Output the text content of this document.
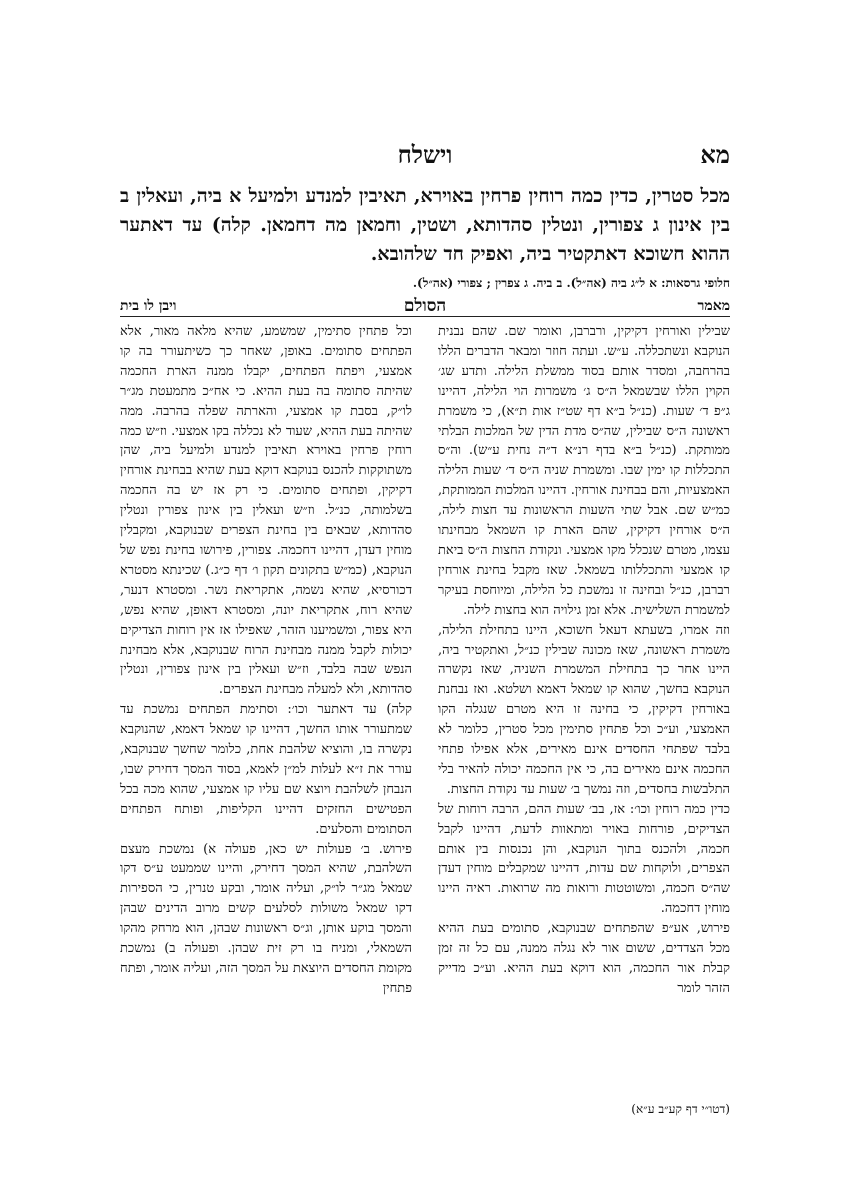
מא
וישלח
מכל סטרין, כדין כמה רוחין פרחין באוירא, תאיבין למנדע ולמיעל א ביה, ועאלין ב בין אינון ג צפורין, ונטלין סהדותא, ושטין, וחמאן מה דחמאן. קלה) עד דאתער ההוא חשוכא דאתקטיר ביה, ואפיק חד שלהובא.
חלופי גרסאות: א ל״ג ביה (אה״ל). ב ביה. ג צפרין ; צפורי (אה״ל).
מאמר
הסולם
ויבן לו בית

שבילין ואורחין דקיקין, ורברבן, ואומר שם. שהם נבנית הנוקבא ונשתכללה. ע״ש. ועתה חוזר ומבאר הדברים הללו בהרחבה, ומסדר אותם בסוד ממשלת הלילה. ותדע שג׳ הקוין הללו שבשמאל ה״ס ג׳ משמרות הוי הלילה, דהיינו ג״פ ד׳ שעות. (כנ״ל ב״א דף שט״ז אות ת״א), כי משמרת ראשונה ה״ס שבילין, שה״ס מדת הדין של המלכות הבלתי ממותקת. (כנ״ל ב״א בדף רנ״א ד״ה נחית ע״ש). וה״ס התכללות קו ימין שבו. ומשמרת שניה ה״ס ד׳ שעות הלילה האמצעיות, והם בבחינת אורחין. דהיינו המלכות הממותקת, כמ״ש שם. אבל שתי השעות הראשונות עד חצות לילה, ה״ס אורחין דקיקין, שהם הארת קו השמאל מבחינתו עצמו, מטרם שנכלל מקו אמצעי. ונקודת החצות ה״ס ביאת קו אמצעי והתכללותו בשמאל. שאז מקבל בחינת אורחין רברבן, כנ״ל ובחינה זו נמשכת כל הלילה, ומיוחסת בעיקר למשמרת השלישית. אלא זמן גילויה הוא בחצות לילה.

וזה אמרו, בשעתא דעאל חשוכא, היינו בתחילת הלילה, משמרת ראשונה, שאז מכונה שבילין כנ״ל, ואתקטיר ביה, היינו אחר כך בתחילת המשמרת השניה, שאז נקשרה הנוקבא בחשך, שהוא קו שמאל דאמא ושלטא. ואז נבחנת באורחין דקיקין, כי בחינה זו היא מטרם שנגלה הקו האמצעי, וע״כ וכל פתחין סתימין מכל סטרין, כלומר לא בלבד שפתחי החסדים אינם מאירים, אלא אפילו פתחי החכמה אינם מאירים בה, כי אין החכמה יכולה להאיר בלי התלבשות בחסדים, וזה נמשך ב׳ שעות עד נקודת החצות.

כדין כמה רוחין וכו׳: אז, בב׳ שעות ההם, הרבה רוחות של הצדיקים, פורחות באויר ומתאוות לדעת, דהיינו לקבל חכמה, ולהכנס בתוך הנוקבא, והן נכנסות בין אותם הצפרים, ולוקחות שם עדות, דהיינו שמקבלים מוחין דעדן שה״ס חכמה, ומשוטטות ורואות מה שרואות. ראיה היינו מוחין דחכמה.

פירוש, אע״פ שהפתחים שבנוקבא, סתומים בעת ההיא מכל הצדדים, ששום אור לא נגלה ממנה, עם כל זה זמן קבלת אור החכמה, הוא דוקא בעת ההיא. וע״כ מדייק הזהר לומר

וכל פתחין סתימין, שמשמע, שהיא מלאה מאור, אלא הפתחים סתומים. באופן, שאחר כך כשיתעורר בה קו אמצעי, ויפתח הפתחים, יקבלו ממנה הארת החכמה שהיתה סתומה בה בעת ההיא. כי אח״כ מתמעטת מג״ר לו״ק, בסבת קו אמצעי, והארתה שפלה בהרבה. ממה שהיתה בעת ההיא, שעוד לא נכללה בקו אמצעי. וז״ש כמה רוחין פרחין באוירא תאיבין למנדע ולמיעל ביה, שהן משתוקקות להכנס בנוקבא דוקא בעת שהיא בבחינת אורחין דקיקין, ופתחים סתומים. כי רק אז יש בה החכמה בשלמותה, כנ״ל. וז״ש ועאלין בין אינון צפורין ונטלין סהדותא, שבאים בין בחינת הצפרים שבנוקבא, ומקבלין מוחין דעדן, דהיינו דחכמה. צפורין, פירושו בחינת נפש של הנוקבא, (כמ״ש בתקונים תקון ו׳ דף כ״ג.) שכינתא מסטרא דכורסיא, שהיא נשמה, אתקריאת נשר. ומסטרא דנער, שהיא רוח, אתקריאת יונה, ומסטרא דאופן, שהיא נפש, היא צפור, ומשמיענו הזהר, שאפילו אז אין רוחות הצדיקים יכולות לקבל ממנה מבחינת הרוח שבנוקבא, אלא מבחינת הנפש שבה בלבד, וז״ש ועאלין בין אינון צפורין, ונטלין סהדותא, ולא למעלה מבחינת הצפרים.

קלה) עד דאתער וכו׳: וסתימת הפתחים נמשכת עד שמתעורר אותו החשך, דהיינו קו שמאל דאמא, שהנוקבא נקשרה בו, והוציא שלהבת אחת, כלומר שחשך שבנוקבא, עורר את ז״א לעלות למ״ן לאמא, בסוד המסך דחירק שבו, הנבחן לשלהבת ויוצא שם עליו קו אמצעי, שהוא מכה בכל הפטישים החזקים דהיינו הקליפות, ופותח הפתחים הסתומים והסלעים.

פירוש. ב׳ פעולות יש כאן, פעולה א) נמשכת מעצם השלהבת, שהיא המסך דחירק, והיינו שממעט ע״ס דקו שמאל מג״ר לו״ק, ועליה אומר, ובקע טנרין, כי הספירות דקו שמאל משולות לסלעים קשים מרוב הדינים שבהן והמסך בוקע אותן, וג״ס ראשונות שבהן, הוא מרחק מהקו השמאלי, ומניח בו רק זית שבהן. ופעולה ב) נמשכת מקומת החסדים היוצאת על המסך הזה, ועליה אומר, ופתח פתחין

(דטו״י דף קע״ב ע״א)
